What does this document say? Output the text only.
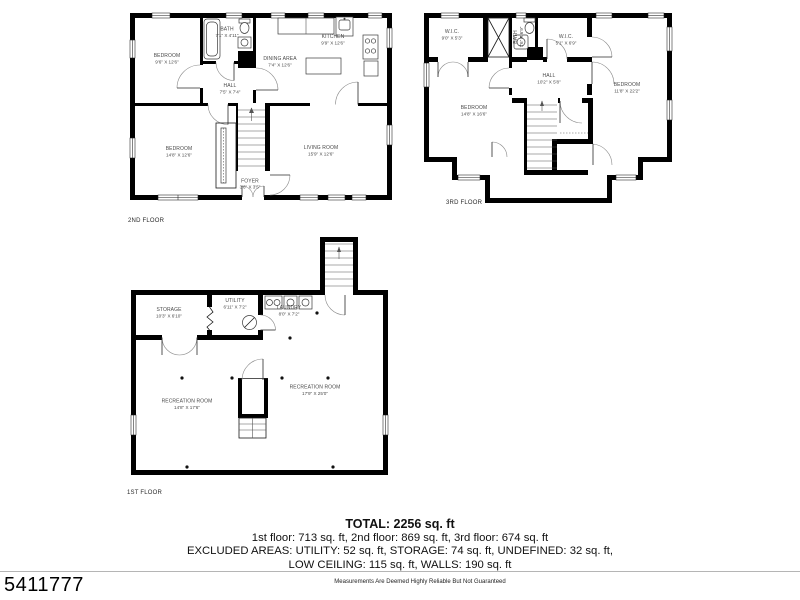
BEDROOM
9'6" X 12'6"
BATH
7'1" X 4'11"	KITCHEN
9'9" X 12'6"
DINING AREA
7'4" X 12'6"
HALL
7'5" X 7'4"
BEDROOM
14'8" X 12'6"
LIVING ROOM
15'9" X 12'6"
FOYER
3'6" X 3'5"
2ND FLOOR
W.I.C.
9'0" X 5'3"	BATH 7'6" X 6'9"	W.I.C.
5'1" X 6'9"
HALL
10'2" X 5'8"	BEDROOM
11'8" X 22'2"
BEDROOM
14'8" X 16'6"
3RD FLOOR
STORAGE
10'3" X 6'10"
UTILITY
6'11" X 7'2"	LAUNDRY
8'0" X 7'2"
RECREATION ROOM
14'8" X 17'6"
RECREATION ROOM
17'9" X 25'0"
1ST FLOOR
TOTAL: 2256 sq. ft
1st floor: 713 sq. ft, 2nd floor: 869 sq. ft, 3rd floor: 674 sq. ft
EXCLUDED AREAS: UTILITY: 52 sq. ft, STORAGE: 74 sq. ft, UNDEFINED: 32 sq. ft,
LOW CEILING: 115 sq. ft, WALLS: 190 sq. ft
Measurements Are Deemed Highly Reliable But Not Guaranteed
5411777
